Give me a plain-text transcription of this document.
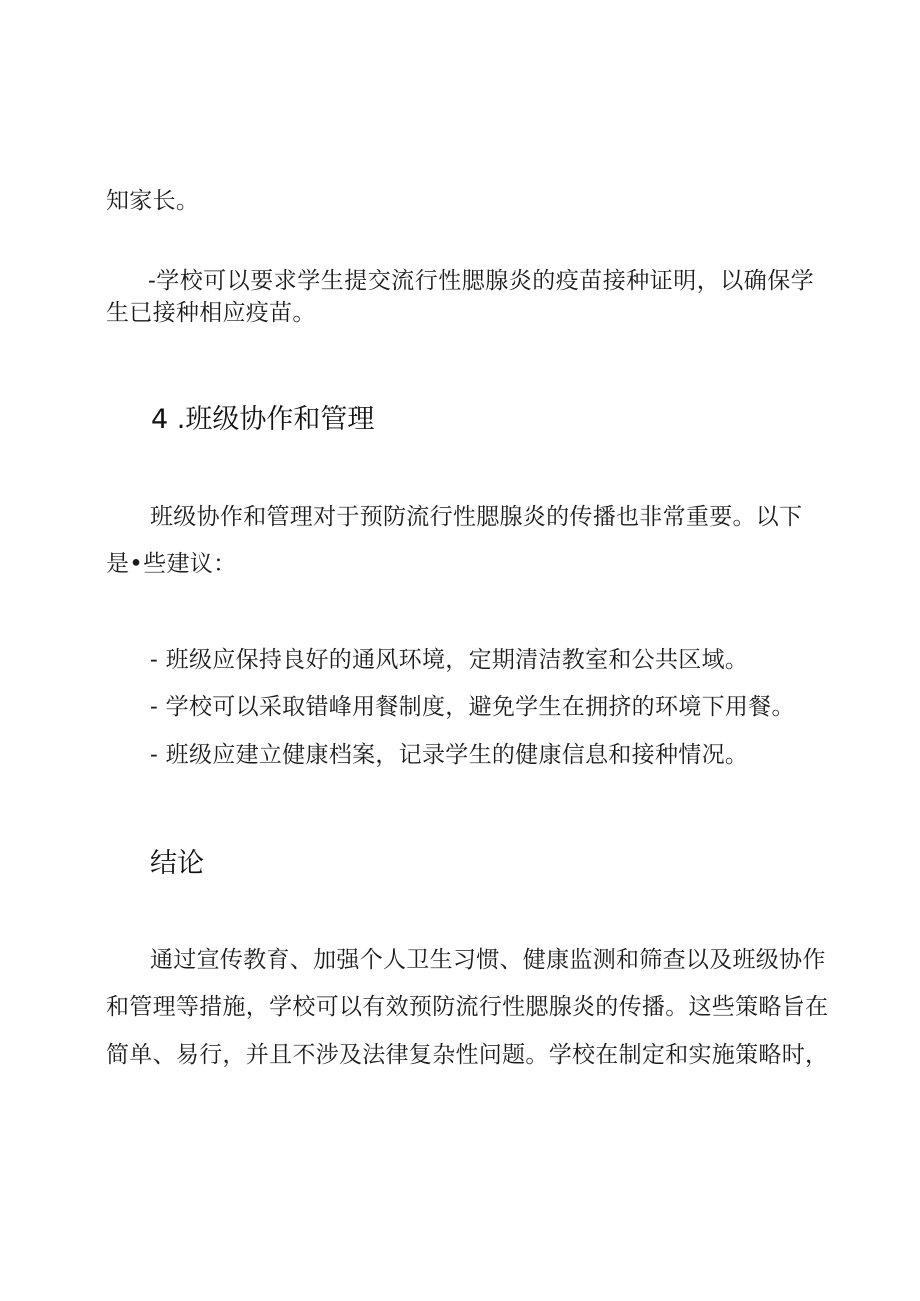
知家长。
-学校可以要求学生提交流行性腮腺炎的疫苗接种证明，以确保学
生已接种相应疫苗。
4 .班级协作和管理
班级协作和管理对于预防流行性腮腺炎的传播也非常重要。以下
是•些建议：
- 班级应保持良好的通风环境，定期清洁教室和公共区域。
- 学校可以采取错峰用餐制度，避免学生在拥挤的环境下用餐。
- 班级应建立健康档案，记录学生的健康信息和接种情况。
结论
通过宣传教育、加强个人卫生习惯、健康监测和筛查以及班级协作
和管理等措施，学校可以有效预防流行性腮腺炎的传播。这些策略旨在
简单、易行，并且不涉及法律复杂性问题。学校在制定和实施策略时，
